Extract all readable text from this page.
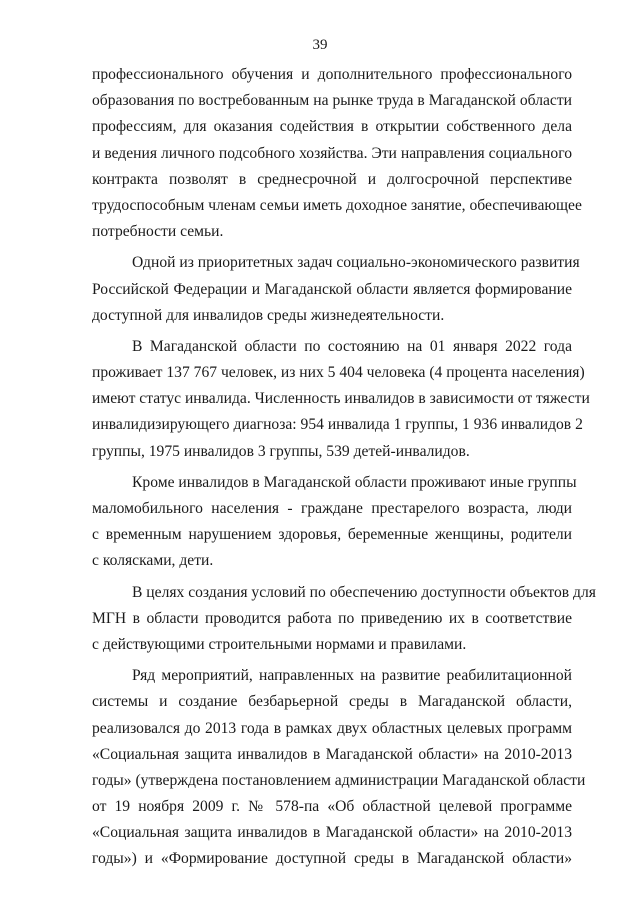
39
профессионального обучения и дополнительного профессионального
образования по востребованным на рынке труда в Магаданской области
профессиям, для оказания содействия в открытии собственного дела
и ведения личного подсобного хозяйства. Эти направления социального
контракта позволят в среднесрочной и долгосрочной перспективе
трудоспособным членам семьи иметь доходное занятие, обеспечивающее
потребности семьи.
Одной из приоритетных задач социально-экономического развития
Российской Федерации и Магаданской области является формирование
доступной для инвалидов среды жизнедеятельности.
В Магаданской области по состоянию на 01 января 2022 года
проживает 137 767 человек, из них 5 404 человека (4 процента населения)
имеют статус инвалида. Численность инвалидов в зависимости от тяжести
инвалидизирующего диагноза: 954 инвалида 1 группы, 1 936 инвалидов 2
группы, 1975 инвалидов 3 группы, 539 детей-инвалидов.
Кроме инвалидов в Магаданской области проживают иные группы
маломобильного населения - граждане престарелого возраста, люди
с временным нарушением здоровья, беременные женщины, родители
с колясками, дети.
В целях создания условий по обеспечению доступности объектов для
МГН в области проводится работа по приведению их в соответствие
с действующими строительными нормами и правилами.
Ряд мероприятий, направленных на развитие реабилитационной
системы и создание безбарьерной среды в Магаданской области,
реализовался до 2013 года в рамках двух областных целевых программ
«Социальная защита инвалидов в Магаданской области» на 2010-2013
годы» (утверждена постановлением администрации Магаданской области
от 19 ноября 2009 г. № 578-па «Об областной целевой программе
«Социальная защита инвалидов в Магаданской области» на 2010-2013
годы») и «Формирование доступной среды в Магаданской области»
